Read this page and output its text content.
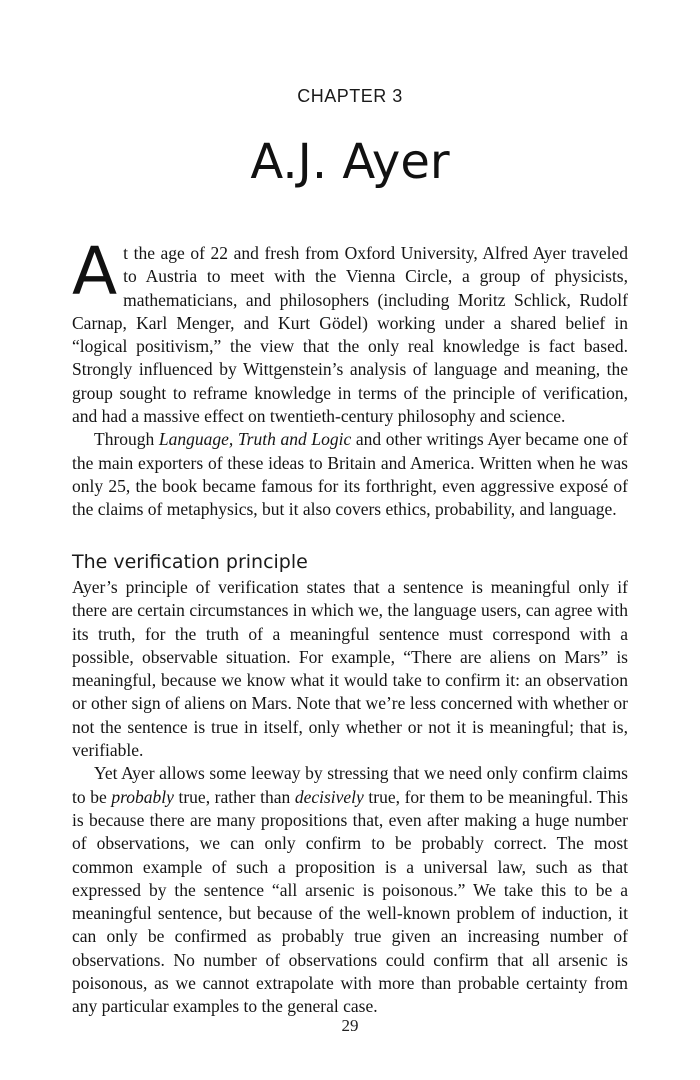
CHAPTER 3
A.J. Ayer

At the age of 22 and fresh from Oxford University, Alfred Ayer traveled to Austria to meet with the Vienna Circle, a group of physicists, mathematicians, and philosophers (including Moritz Schlick, Rudolf Carnap, Karl Menger, and Kurt Gödel) working under a shared belief in “logical positivism,” the view that the only real knowledge is fact based. Strongly influenced by Wittgenstein’s analysis of language and meaning, the group sought to reframe knowledge in terms of the principle of verification, and had a massive effect on twentieth-century philosophy and science.

Through Language, Truth and Logic and other writings Ayer became one of the main exporters of these ideas to Britain and America. Written when he was only 25, the book became famous for its forthright, even aggressive exposé of the claims of metaphysics, but it also covers ethics, probability, and language.

The verification principle

Ayer’s principle of verification states that a sentence is meaningful only if there are certain circumstances in which we, the language users, can agree with its truth, for the truth of a meaningful sentence must correspond with a possible, observable situation. For example, “There are aliens on Mars” is meaningful, because we know what it would take to confirm it: an observation or other sign of aliens on Mars. Note that we’re less concerned with whether or not the sentence is true in itself, only whether or not it is meaningful; that is, verifiable.

Yet Ayer allows some leeway by stressing that we need only confirm claims to be probably true, rather than decisively true, for them to be meaningful. This is because there are many propositions that, even after making a huge number of observations, we can only confirm to be probably correct. The most common example of such a proposition is a universal law, such as that expressed by the sentence “all arsenic is poisonous.” We take this to be a meaningful sentence, but because of the well-known problem of induction, it can only be confirmed as probably true given an increasing number of observations. No number of observations could confirm that all arsenic is poisonous, as we cannot extrapolate with more than probable certainty from any particular examples to the general case.

29
